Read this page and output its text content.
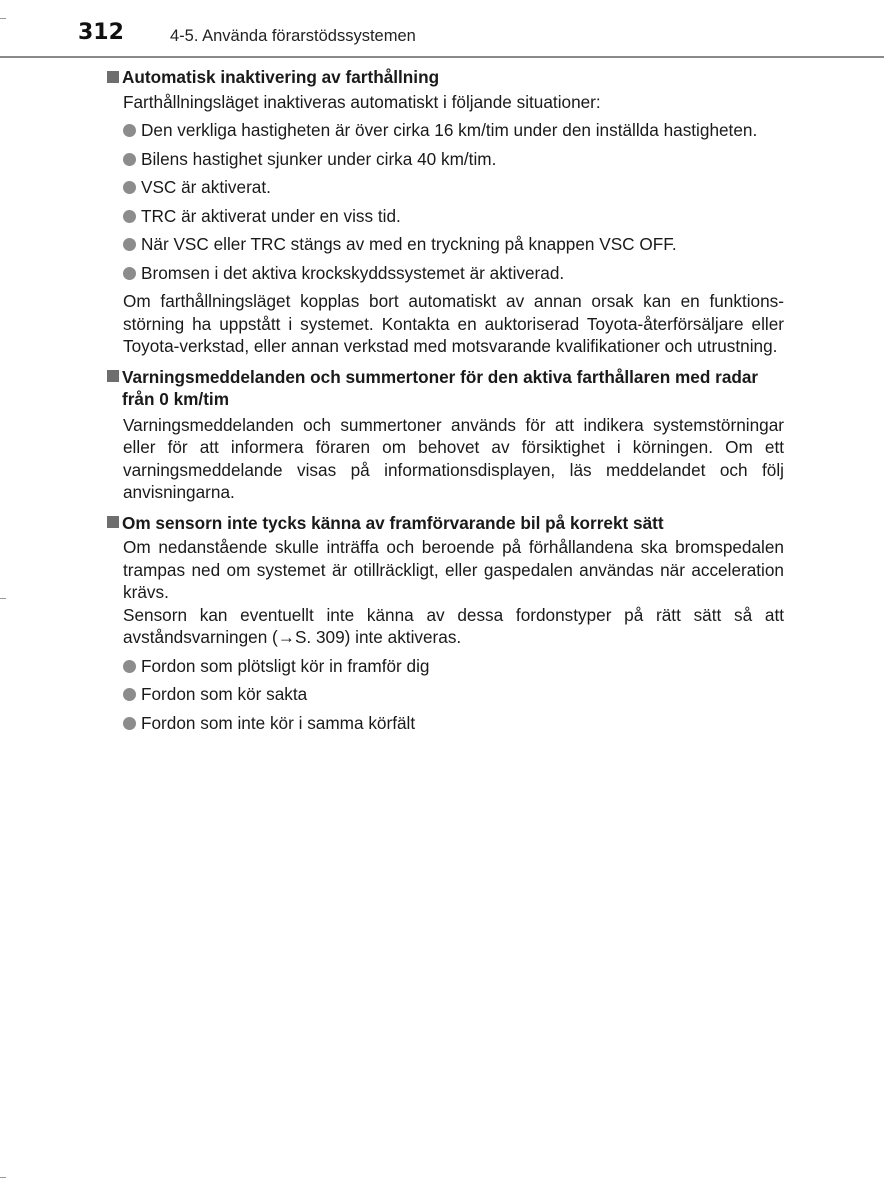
312	4-5. Använda förarstödssystemen

Automatisk inaktivering av farthållning

Farthållningsläget inaktiveras automatiskt i följande situationer:

Den verkliga hastigheten är över cirka 16 km/tim under den inställda hastigheten.
Bilens hastighet sjunker under cirka 40 km/tim.
VSC är aktiverat.
TRC är aktiverat under en viss tid.
När VSC eller TRC stängs av med en tryckning på knappen VSC OFF.
Bromsen i det aktiva krockskyddssystemet är aktiverad.

Om farthållningsläget kopplas bort automatiskt av annan orsak kan en funktionsstörning ha uppstått i systemet. Kontakta en auktoriserad Toyota-återförsäljare eller Toyota-verkstad, eller annan verkstad med motsvarande kvalifikationer och utrustning.

Varningsmeddelanden och summertoner för den aktiva farthållaren med radar från 0 km/tim

Varningsmeddelanden och summertoner används för att indikera systemstörningar eller för att informera föraren om behovet av försiktighet i körningen. Om ett varningsmeddelande visas på informationsdisplayen, läs meddelandet och följ anvisningarna.

Om sensorn inte tycks känna av framförvarande bil på korrekt sätt

Om nedanstående skulle inträffa och beroende på förhållandena ska bromspedalen trampas ned om systemet är otillräckligt, eller gaspedalen användas när acceleration krävs.

Sensorn kan eventuellt inte känna av dessa fordonstyper på rätt sätt så att avståndsvarningen (→S. 309) inte aktiveras.

Fordon som plötsligt kör in framför dig
Fordon som kör sakta
Fordon som inte kör i samma körfält
